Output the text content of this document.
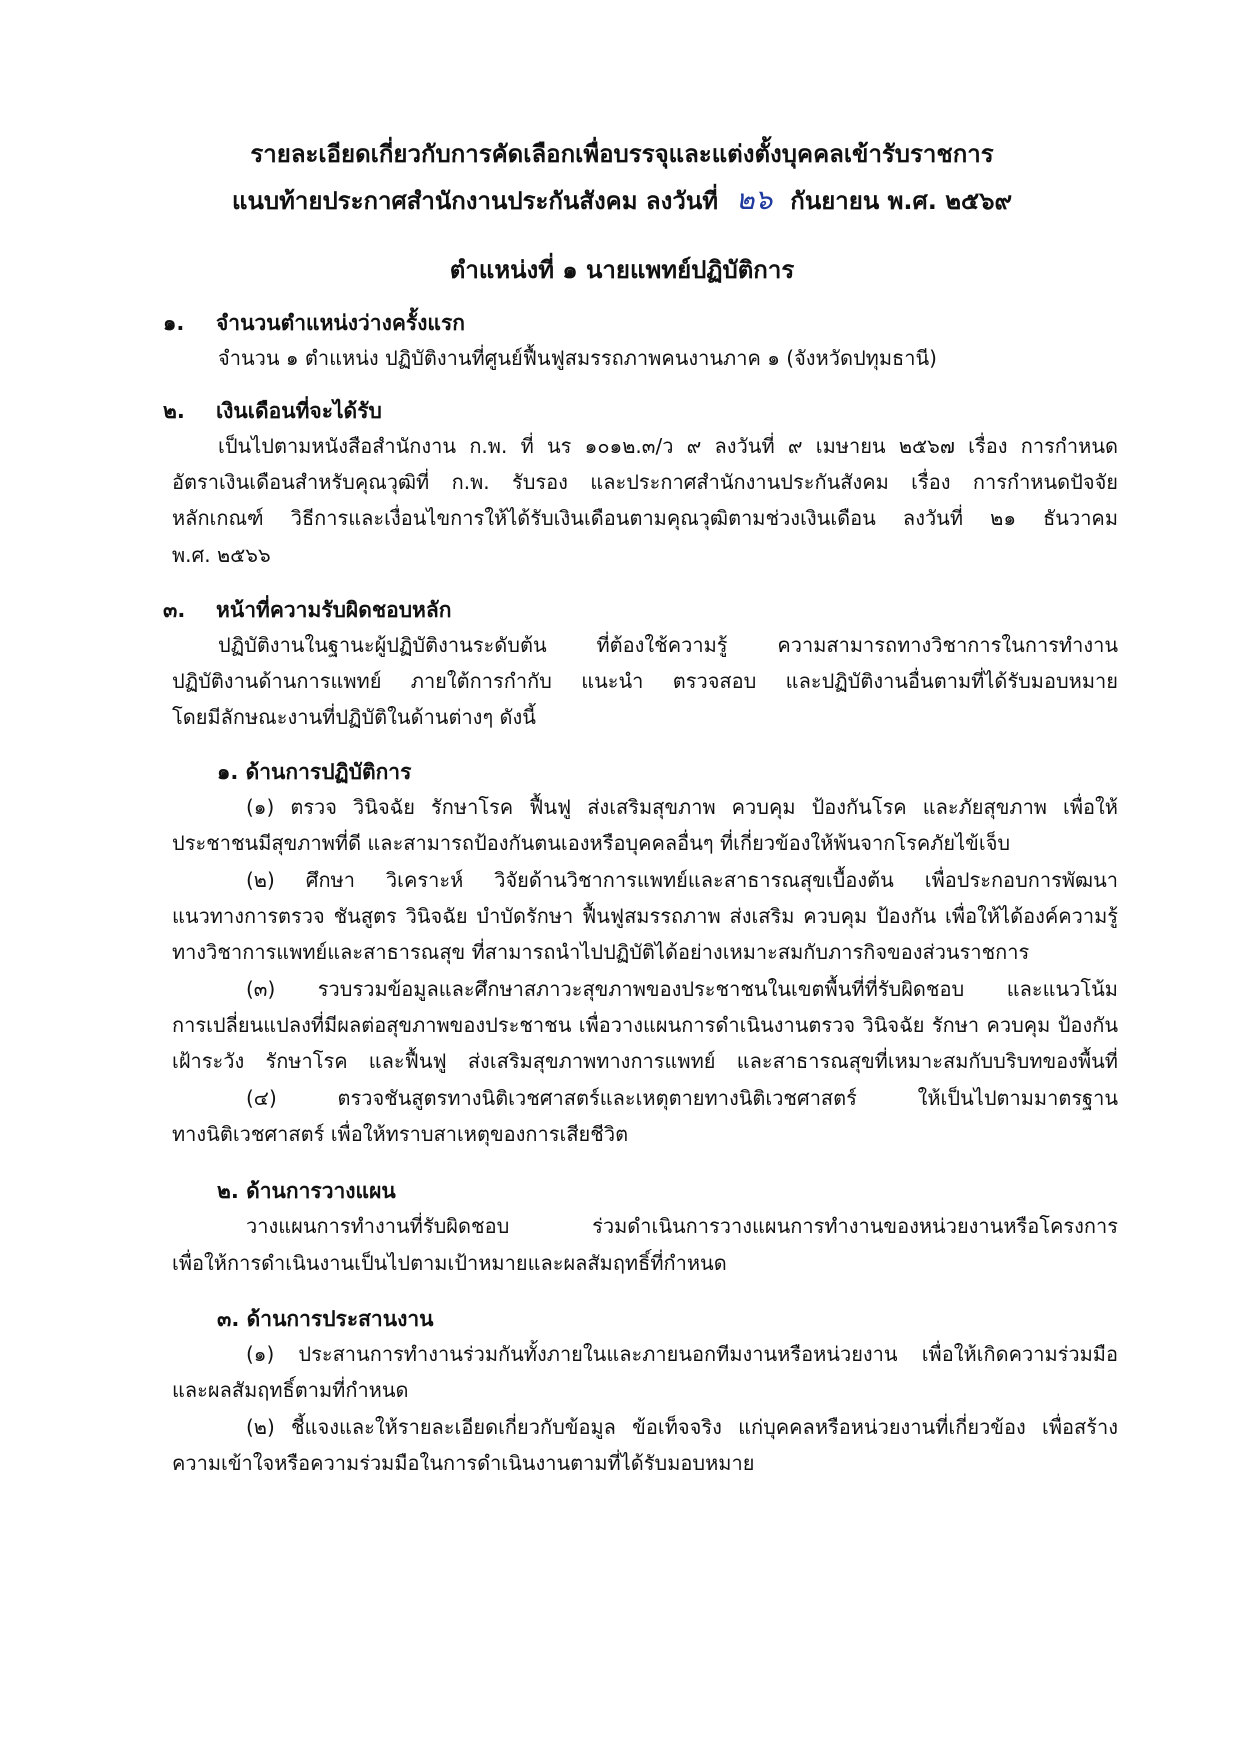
รายละเอียดเกี่ยวกับการคัดเลือกเพื่อบรรจุและแต่งตั้งบุคคลเข้ารับราชการ
แนบท้ายประกาศสำนักงานประกันสังคม ลงวันที่ ๒๖ กันยายน พ.ศ. ๒๕๖๙
ตำแหน่งที่ ๑ นายแพทย์ปฏิบัติการ
๑. จำนวนตำแหน่งว่างครั้งแรก
จำนวน ๑ ตำแหน่ง ปฏิบัติงานที่ศูนย์ฟื้นฟูสมรรถภาพคนงานภาค ๑ (จังหวัดปทุมธานี)
๒. เงินเดือนที่จะได้รับ
เป็นไปตามหนังสือสำนักงาน ก.พ. ที่ นร ๑๐๑๒.๓/ว ๙ ลงวันที่ ๙ เมษายน ๒๕๖๗ เรื่อง การกำหนด
อัตราเงินเดือนสำหรับคุณวุฒิที่ ก.พ. รับรอง และประกาศสำนักงานประกันสังคม เรื่อง การกำหนดปัจจัย
หลักเกณฑ์ วิธีการและเงื่อนไขการให้ได้รับเงินเดือนตามคุณวุฒิตามช่วงเงินเดือน ลงวันที่ ๒๑ ธันวาคม
พ.ศ. ๒๕๖๖
๓. หน้าที่ความรับผิดชอบหลัก
ปฏิบัติงานในฐานะผู้ปฏิบัติงานระดับต้น ที่ต้องใช้ความรู้ ความสามารถทางวิชาการในการทำงาน
ปฏิบัติงานด้านการแพทย์ ภายใต้การกำกับ แนะนำ ตรวจสอบ และปฏิบัติงานอื่นตามที่ได้รับมอบหมาย
โดยมีลักษณะงานที่ปฏิบัติในด้านต่างๆ ดังนี้
๑. ด้านการปฏิบัติการ
(๑) ตรวจ วินิจฉัย รักษาโรค ฟื้นฟู ส่งเสริมสุขภาพ ควบคุม ป้องกันโรค และภัยสุขภาพ เพื่อให้
ประชาชนมีสุขภาพที่ดี และสามารถป้องกันตนเองหรือบุคคลอื่นๆ ที่เกี่ยวข้องให้พ้นจากโรคภัยไข้เจ็บ
(๒) ศึกษา วิเคราะห์ วิจัยด้านวิชาการแพทย์และสาธารณสุขเบื้องต้น เพื่อประกอบการพัฒนา
แนวทางการตรวจ ชันสูตร วินิจฉัย บำบัดรักษา ฟื้นฟูสมรรถภาพ ส่งเสริม ควบคุม ป้องกัน เพื่อให้ได้องค์ความรู้
ทางวิชาการแพทย์และสาธารณสุข ที่สามารถนำไปปฏิบัติได้อย่างเหมาะสมกับภารกิจของส่วนราชการ
(๓) รวบรวมข้อมูลและศึกษาสภาวะสุขภาพของประชาชนในเขตพื้นที่ที่รับผิดชอบ และแนวโน้ม
การเปลี่ยนแปลงที่มีผลต่อสุขภาพของประชาชน เพื่อวางแผนการดำเนินงานตรวจ วินิจฉัย รักษา ควบคุม ป้องกัน
เฝ้าระวัง รักษาโรค และฟื้นฟู ส่งเสริมสุขภาพทางการแพทย์ และสาธารณสุขที่เหมาะสมกับบริบทของพื้นที่
(๔) ตรวจชันสูตรทางนิติเวชศาสตร์และเหตุตายทางนิติเวชศาสตร์ ให้เป็นไปตามมาตรฐาน
ทางนิติเวชศาสตร์ เพื่อให้ทราบสาเหตุของการเสียชีวิต
๒. ด้านการวางแผน
วางแผนการทำงานที่รับผิดชอบ ร่วมดำเนินการวางแผนการทำงานของหน่วยงานหรือโครงการ
เพื่อให้การดำเนินงานเป็นไปตามเป้าหมายและผลสัมฤทธิ์ที่กำหนด
๓. ด้านการประสานงาน
(๑) ประสานการทำงานร่วมกันทั้งภายในและภายนอกทีมงานหรือหน่วยงาน เพื่อให้เกิดความร่วมมือ
และผลสัมฤทธิ์ตามที่กำหนด
(๒) ชี้แจงและให้รายละเอียดเกี่ยวกับข้อมูล ข้อเท็จจริง แก่บุคคลหรือหน่วยงานที่เกี่ยวข้อง เพื่อสร้าง
ความเข้าใจหรือความร่วมมือในการดำเนินงานตามที่ได้รับมอบหมาย
